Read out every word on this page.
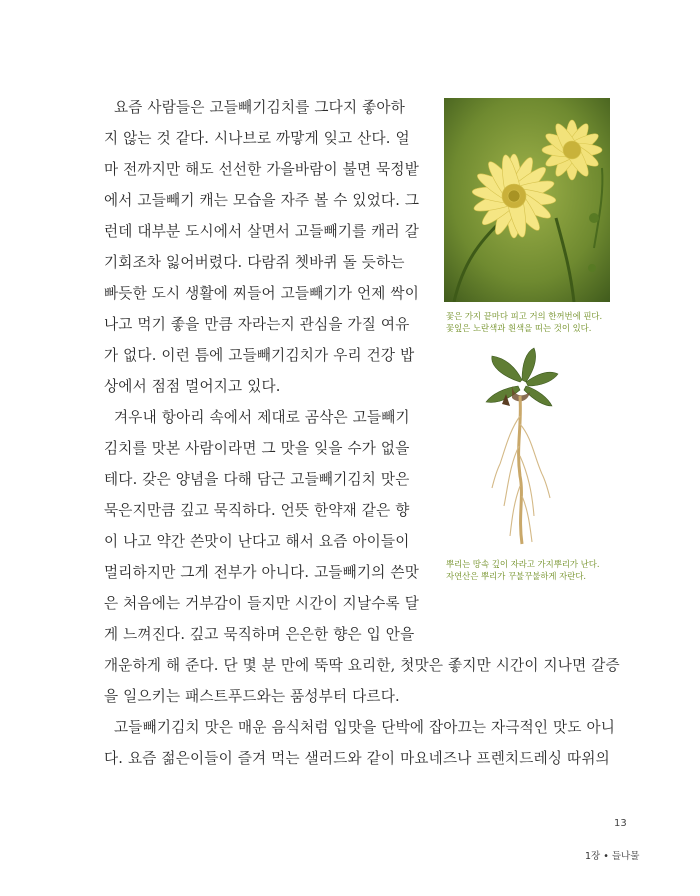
요즘 사람들은 고들빼기김치를 그다지 좋아하
지 않는 것 같다. 시나브로 까맣게 잊고 산다. 얼
마 전까지만 해도 선선한 가을바람이 불면 묵정밭
에서 고들빼기 캐는 모습을 자주 볼 수 있었다. 그
런데 대부분 도시에서 살면서 고들빼기를 캐러 갈
기회조차 잃어버렸다. 다람쥐 쳇바퀴 돌 듯하는
빠듯한 도시 생활에 찌들어 고들빼기가 언제 싹이
나고 먹기 좋을 만큼 자라는지 관심을 가질 여유
가 없다. 이런 틈에 고들빼기김치가 우리 건강 밥
상에서 점점 멀어지고 있다.
겨우내 항아리 속에서 제대로 곰삭은 고들빼기
김치를 맛본 사람이라면 그 맛을 잊을 수가 없을
테다. 갖은 양념을 다해 담근 고들빼기김치 맛은
묵은지만큼 깊고 묵직하다. 언뜻 한약재 같은 향
이 나고 약간 쓴맛이 난다고 해서 요즘 아이들이
멀리하지만 그게 전부가 아니다. 고들빼기의 쓴맛
은 처음에는 거부감이 들지만 시간이 지날수록 달
게 느껴진다. 깊고 묵직하며 은은한 향은 입 안을
개운하게 해 준다. 단 몇 분 만에 뚝딱 요리한, 첫맛은 좋지만 시간이 지나면 갈증
을 일으키는 패스트푸드와는 품성부터 다르다.
고들빼기김치 맛은 매운 음식처럼 입맛을 단박에 잡아끄는 자극적인 맛도 아니
다. 요즘 젊은이들이 즐겨 먹는 샐러드와 같이 마요네즈나 프렌치드레싱 따위의
꽃은 가지 끝마다 피고 거의 한꺼번에 핀다.
꽃잎은 노란색과 흰색을 띠는 것이 있다.
뿌리는 땅속 깊이 자라고 가지뿌리가 난다.
자연산은 뿌리가 꾸불꾸불하게 자란다.
13
1장 • 들나물
